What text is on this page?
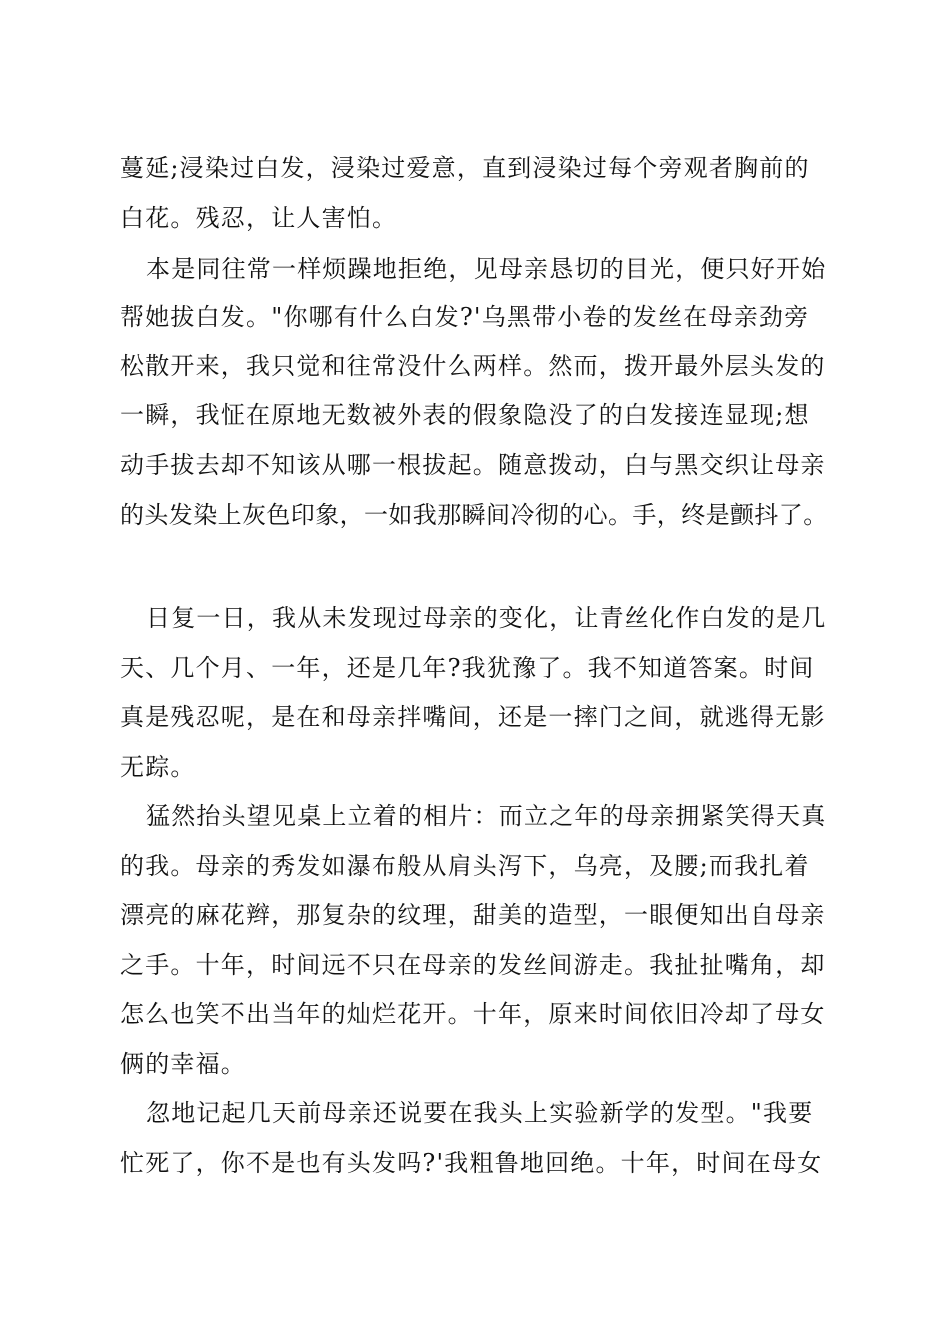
蔓延;浸染过白发，浸染过爱意，直到浸染过每个旁观者胸前的
白花。残忍，让人害怕。
本是同往常一样烦躁地拒绝，见母亲恳切的目光，便只好开始
帮她拔白发。"你哪有什么白发?'乌黑带小卷的发丝在母亲劲旁
松散开来，我只觉和往常没什么两样。然而，拨开最外层头发的
一瞬，我怔在原地无数被外表的假象隐没了的白发接连显现;想
动手拔去却不知该从哪一根拔起。随意拨动，白与黑交织让母亲
的头发染上灰色印象，一如我那瞬间冷彻的心。手，终是颤抖了。
日复一日，我从未发现过母亲的变化，让青丝化作白发的是几
天、几个月、一年，还是几年?我犹豫了。我不知道答案。时间
真是残忍呢，是在和母亲拌嘴间，还是一摔门之间，就逃得无影
无踪。
猛然抬头望见桌上立着的相片：而立之年的母亲拥紧笑得天真
的我。母亲的秀发如瀑布般从肩头泻下，乌亮，及腰;而我扎着
漂亮的麻花辫，那复杂的纹理，甜美的造型，一眼便知出自母亲
之手。十年，时间远不只在母亲的发丝间游走。我扯扯嘴角，却
怎么也笑不出当年的灿烂花开。十年，原来时间依旧冷却了母女
俩的幸福。
忽地记起几天前母亲还说要在我头上实验新学的发型。"我要
忙死了，你不是也有头发吗?'我粗鲁地回绝。十年，时间在母女
